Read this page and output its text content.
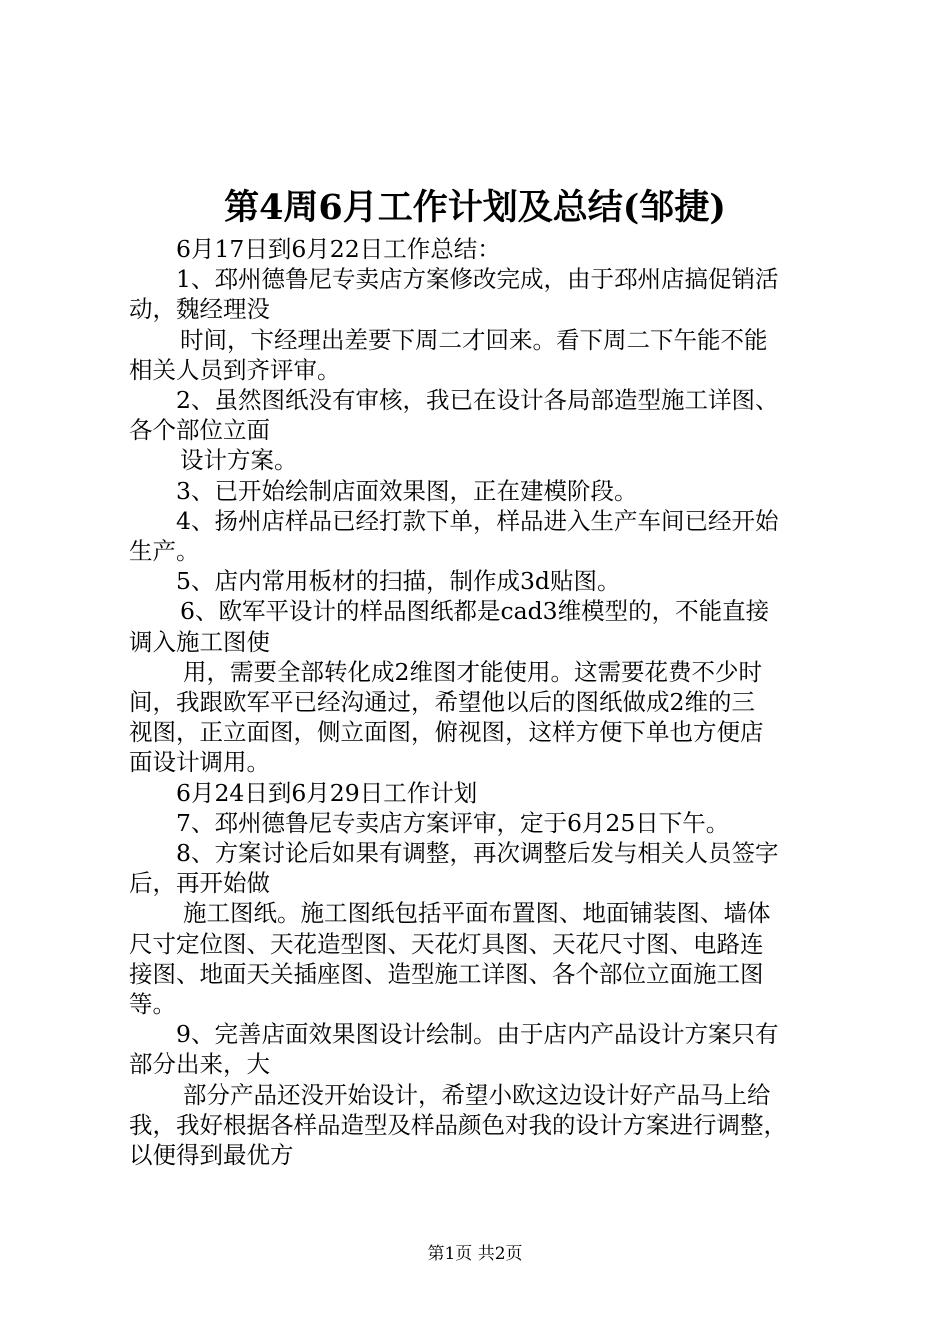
第4周6月工作计划及总结(邹捷)

6月17日到6月22日工作总结：

1、邳州德鲁尼专卖店方案修改完成，由于邳州店搞促销活

动，魏经理没

时间，卞经理出差要下周二才回来。看下周二下午能不能

相关人员到齐评审。

2、虽然图纸没有审核，我已在设计各局部造型施工详图、

各个部位立面

设计方案。

3、已开始绘制店面效果图，正在建模阶段。

4、扬州店样品已经打款下单，样品进入生产车间已经开始

生产。

5、店内常用板材的扫描，制作成3d贴图。

6、欧军平设计的样品图纸都是cad3维模型的，不能直接

调入施工图使

用，需要全部转化成2维图才能使用。这需要花费不少时

间，我跟欧军平已经沟通过，希望他以后的图纸做成2维的三

视图，正立面图，侧立面图，俯视图，这样方便下单也方便店

面设计调用。

6月24日到6月29日工作计划

7、邳州德鲁尼专卖店方案评审，定于6月25日下午。

8、方案讨论后如果有调整，再次调整后发与相关人员签字

后，再开始做

施工图纸。施工图纸包括平面布置图、地面铺装图、墙体

尺寸定位图、天花造型图、天花灯具图、天花尺寸图、电路连

接图、地面天关插座图、造型施工详图、各个部位立面施工图

等。

9、完善店面效果图设计绘制。由于店内产品设计方案只有

部分出来，大

部分产品还没开始设计，希望小欧这边设计好产品马上给

我，我好根据各样品造型及样品颜色对我的设计方案进行调整，

以便得到最优方

第1页 共2页
